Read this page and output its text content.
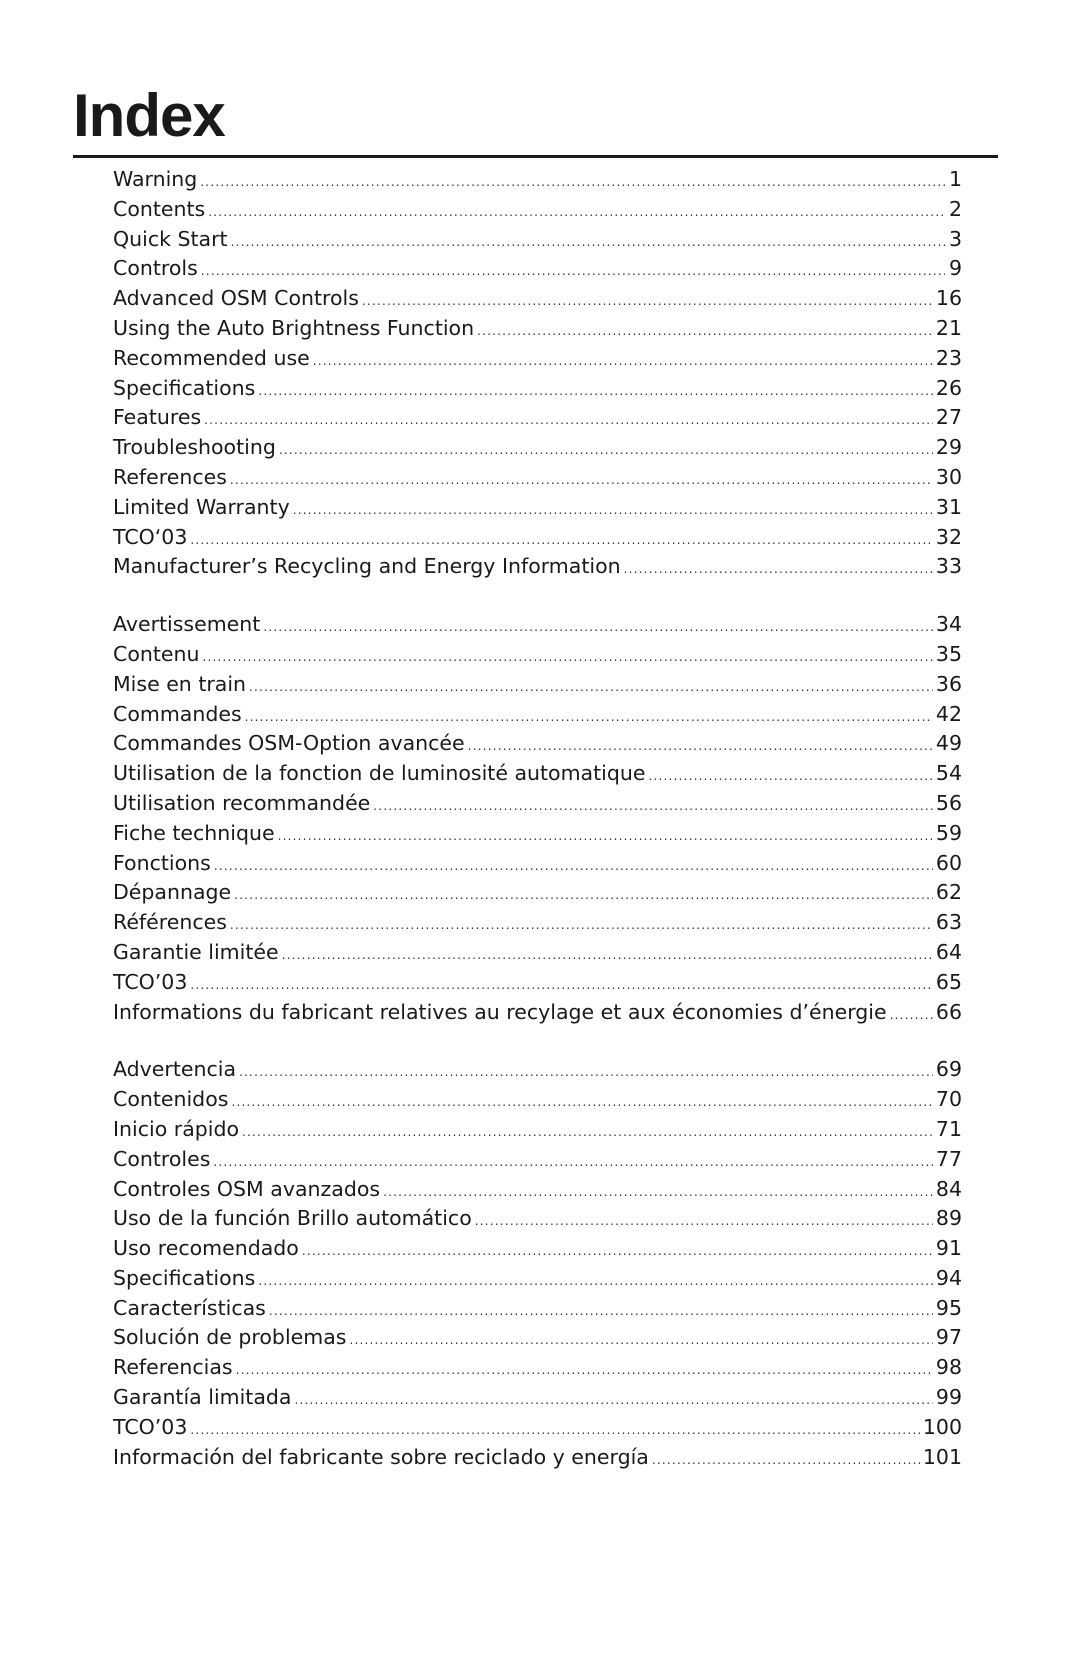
Index
Warning .....	1
Contents .....	2
Quick Start .....	3
Controls .....	9
Advanced OSM Controls .....	16
Using the Auto Brightness Function .....	21
Recommended use .....	23
Specifications .....	26
Features .....	27
Troubleshooting .....	29
References .....	30
Limited Warranty .....	31
TCO‘03 .....	32
Manufacturer’s Recycling and Energy Information .....	33
Avertissement .....	34
Contenu .....	35
Mise en train .....	36
Commandes .....	42
Commandes OSM-Option avancée .....	49
Utilisation de la fonction de luminosité automatique .....	54
Utilisation recommandée .....	56
Fiche technique .....	59
Fonctions .....	60
Dépannage .....	62
Références .....	63
Garantie limitée .....	64
TCO’03 .....	65
Informations du fabricant relatives au recylage et aux économies d’énergie ..... 66
Advertencia .....	69
Contenidos .....	70
Inicio rápido .....	71
Controles .....	77
Controles OSM avanzados .....	84
Uso de la función Brillo automático .....	89
Uso recomendado .....	91
Specifications .....	94
Características .....	95
Solución de problemas .....	97
Referencias .....	98
Garantía limitada .....	99
TCO’03 .....	100
Información del fabricante sobre reciclado y energía .....	101
